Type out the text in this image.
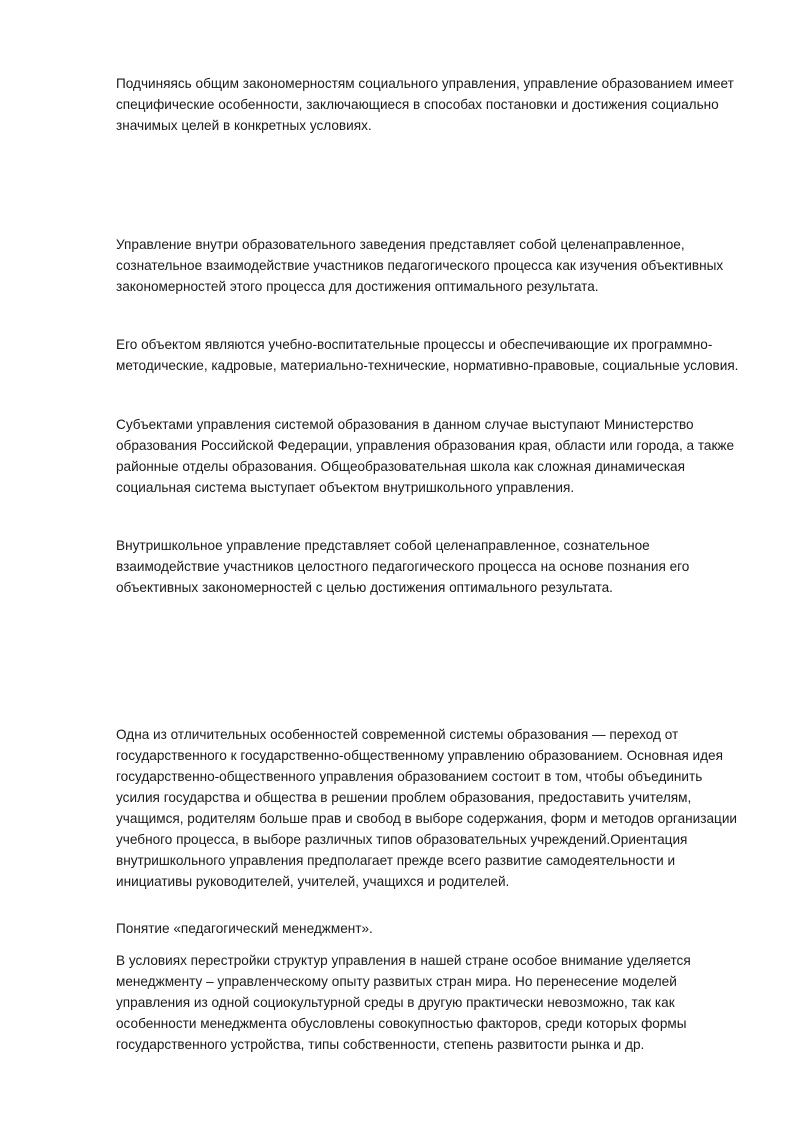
Подчиняясь общим закономерностям социального управления, управление образованием имеет специфические особенности, заключающиеся в способах постановки и достижения социально значимых целей в конкретных условиях.

Управление внутри образовательного заведения представляет собой целенаправленное, сознательное взаимодействие участников педагогического процесса как изучения объективных закономерностей этого процесса для достижения оптимального результата.

Его объектом являются учебно-воспитательные процессы и обеспечивающие их программно-методические, кадровые, материально-технические, нормативно-правовые, социальные условия.

Субъектами управления системой образования в данном случае выступают Министерство образования Российской Федерации, управления образования края, области или города, а также районные отделы образования. Общеобразовательная школа как сложная динамическая социальная система выступает объектом внутришкольного управления.

Внутришкольное управление представляет собой целенаправленное, сознательное взаимодействие участников целостного педагогического процесса на основе познания его объективных закономерностей с целью достижения оптимального результата.

Одна из отличительных особенностей современной системы образования — переход от государственного к государственно-общественному управлению образованием. Основная идея государственно-общественного управления образованием состоит в том, чтобы объединить усилия государства и общества в решении проблем образования, предоставить учителям, учащимся, родителям больше прав и свобод в выборе содержания, форм и методов организации учебного процесса, в выборе различных типов образовательных учреждений.Ориентация внутришкольного управления предполагает прежде всего развитие самодеятельности и инициативы руководителей, учителей, учащихся и родителей.

Понятие «педагогический менеджмент».

В условиях перестройки структур управления в нашей стране особое внимание уделяется менеджменту – управленческому опыту развитых стран мира. Но перенесение моделей управления из одной социокультурной среды в другую практически невозможно, так как особенности менеджмента обусловлены совокупностью факторов, среди которых формы государственного устройства, типы собственности, степень развитости рынка и др.
